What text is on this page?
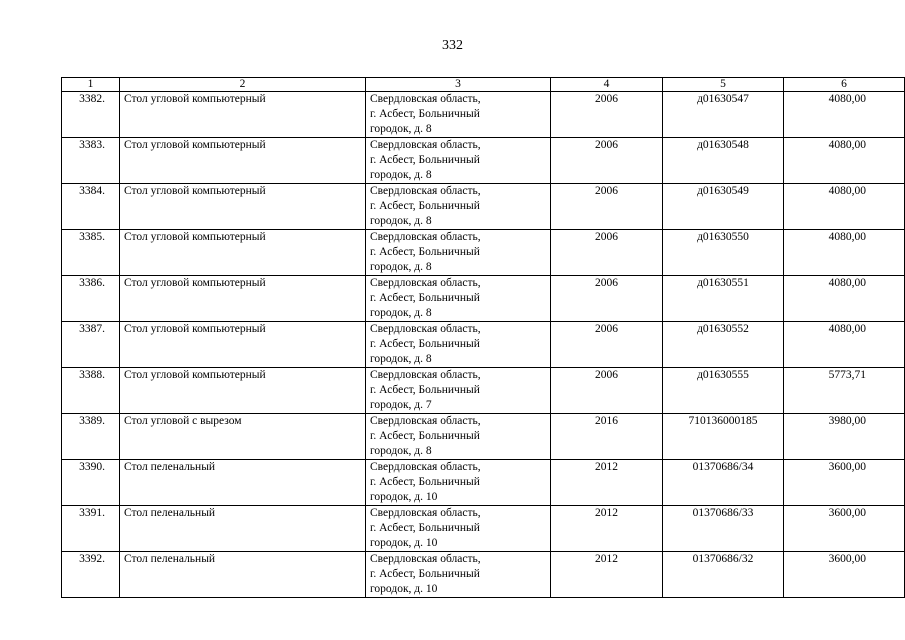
332
1	2	3	4	5	6
3382.	Стол угловой компьютерный	Свердловская область,
г. Асбест, Больничный
городок, д. 8	2006	д01630547	4080,00
3383.	Стол угловой компьютерный	Свердловская область,
г. Асбест, Больничный
городок, д. 8	2006	д01630548	4080,00
3384.	Стол угловой компьютерный	Свердловская область,
г. Асбест, Больничный
городок, д. 8	2006	д01630549	4080,00
3385.	Стол угловой компьютерный	Свердловская область,
г. Асбест, Больничный
городок, д. 8	2006	д01630550	4080,00
3386.	Стол угловой компьютерный	Свердловская область,
г. Асбест, Больничный
городок, д. 8	2006	д01630551	4080,00
3387.	Стол угловой компьютерный	Свердловская область,
г. Асбест, Больничный
городок, д. 8	2006	д01630552	4080,00
3388.	Стол угловой компьютерный	Свердловская область,
г. Асбест, Больничный
городок, д. 7	2006	д01630555	5773,71
3389.	Стол угловой с вырезом	Свердловская область,
г. Асбест, Больничный
городок, д. 8	2016	710136000185	3980,00
3390.	Стол пеленальный	Свердловская область,
г. Асбест, Больничный
городок, д. 10	2012	01370686/34	3600,00
3391.	Стол пеленальный	Свердловская область,
г. Асбест, Больничный
городок, д. 10	2012	01370686/33	3600,00
3392.	Стол пеленальный	Свердловская область,
г. Асбест, Больничный
городок, д. 10	2012	01370686/32	3600,00
